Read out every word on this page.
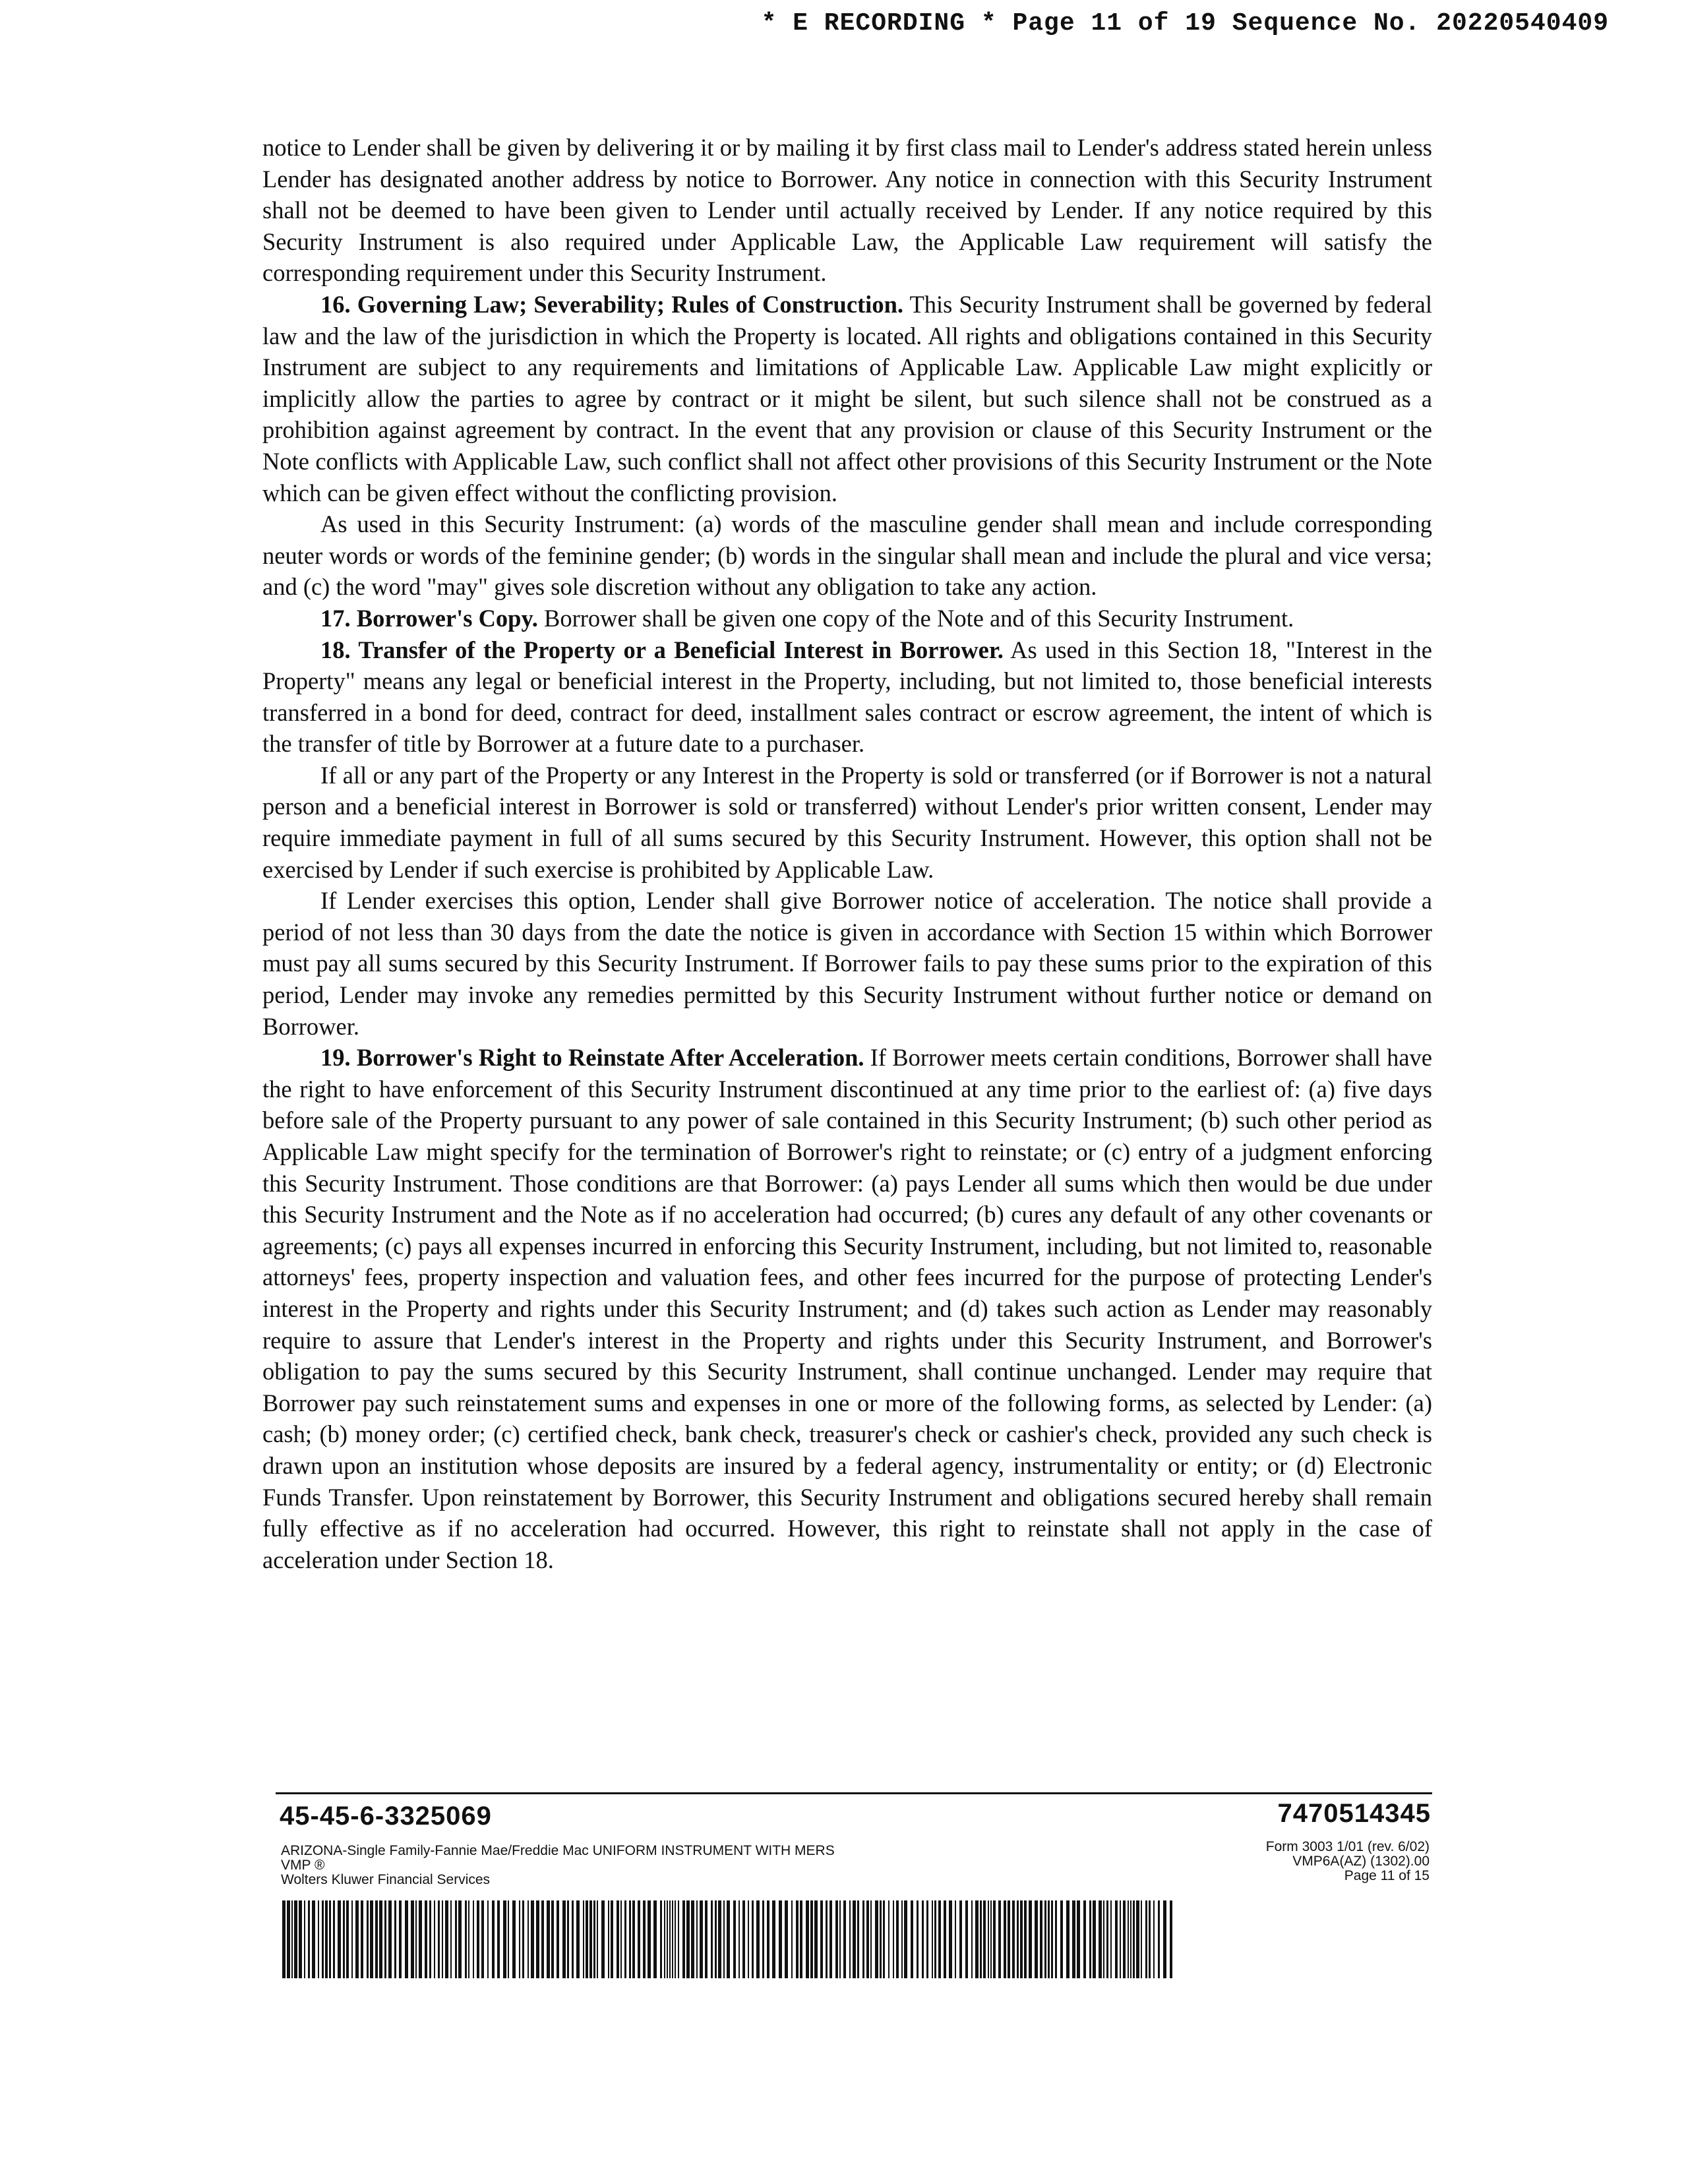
* E RECORDING * Page 11 of 19 Sequence No. 20220540409

notice to Lender shall be given by delivering it or by mailing it by first class mail to Lender's address stated herein unless Lender has designated another address by notice to Borrower. Any notice in connection with this Security Instrument shall not be deemed to have been given to Lender until actually received by Lender. If any notice required by this Security Instrument is also required under Applicable Law, the Applicable Law requirement will satisfy the corresponding requirement under this Security Instrument.

16. Governing Law; Severability; Rules of Construction. This Security Instrument shall be governed by federal law and the law of the jurisdiction in which the Property is located. All rights and obligations contained in this Security Instrument are subject to any requirements and limitations of Applicable Law. Applicable Law might explicitly or implicitly allow the parties to agree by contract or it might be silent, but such silence shall not be construed as a prohibition against agreement by contract. In the event that any provision or clause of this Security Instrument or the Note conflicts with Applicable Law, such conflict shall not affect other provisions of this Security Instrument or the Note which can be given effect without the conflicting provision.

As used in this Security Instrument: (a) words of the masculine gender shall mean and include corresponding neuter words or words of the feminine gender; (b) words in the singular shall mean and include the plural and vice versa; and (c) the word "may" gives sole discretion without any obligation to take any action.

17. Borrower's Copy. Borrower shall be given one copy of the Note and of this Security Instrument.

18. Transfer of the Property or a Beneficial Interest in Borrower. As used in this Section 18, "Interest in the Property" means any legal or beneficial interest in the Property, including, but not limited to, those beneficial interests transferred in a bond for deed, contract for deed, installment sales contract or escrow agreement, the intent of which is the transfer of title by Borrower at a future date to a purchaser.

If all or any part of the Property or any Interest in the Property is sold or transferred (or if Borrower is not a natural person and a beneficial interest in Borrower is sold or transferred) without Lender's prior written consent, Lender may require immediate payment in full of all sums secured by this Security Instrument. However, this option shall not be exercised by Lender if such exercise is prohibited by Applicable Law.

If Lender exercises this option, Lender shall give Borrower notice of acceleration. The notice shall provide a period of not less than 30 days from the date the notice is given in accordance with Section 15 within which Borrower must pay all sums secured by this Security Instrument. If Borrower fails to pay these sums prior to the expiration of this period, Lender may invoke any remedies permitted by this Security Instrument without further notice or demand on Borrower.

19. Borrower's Right to Reinstate After Acceleration. If Borrower meets certain conditions, Borrower shall have the right to have enforcement of this Security Instrument discontinued at any time prior to the earliest of: (a) five days before sale of the Property pursuant to any power of sale contained in this Security Instrument; (b) such other period as Applicable Law might specify for the termination of Borrower's right to reinstate; or (c) entry of a judgment enforcing this Security Instrument. Those conditions are that Borrower: (a) pays Lender all sums which then would be due under this Security Instrument and the Note as if no acceleration had occurred; (b) cures any default of any other covenants or agreements; (c) pays all expenses incurred in enforcing this Security Instrument, including, but not limited to, reasonable attorneys' fees, property inspection and valuation fees, and other fees incurred for the purpose of protecting Lender's interest in the Property and rights under this Security Instrument; and (d) takes such action as Lender may reasonably require to assure that Lender's interest in the Property and rights under this Security Instrument, and Borrower's obligation to pay the sums secured by this Security Instrument, shall continue unchanged. Lender may require that Borrower pay such reinstatement sums and expenses in one or more of the following forms, as selected by Lender: (a) cash; (b) money order; (c) certified check, bank check, treasurer's check or cashier's check, provided any such check is drawn upon an institution whose deposits are insured by a federal agency, instrumentality or entity; or (d) Electronic Funds Transfer. Upon reinstatement by Borrower, this Security Instrument and obligations secured hereby shall remain fully effective as if no acceleration had occurred. However, this right to reinstate shall not apply in the case of acceleration under Section 18.

45-45-6-3325069	7470514345
ARIZONA-Single Family-Fannie Mae/Freddie Mac UNIFORM INSTRUMENT WITH MERS
VMP ®
Wolters Kluwer Financial Services
Form 3003 1/01 (rev. 6/02)
VMP6A(AZ) (1302).00
Page 11 of 15
